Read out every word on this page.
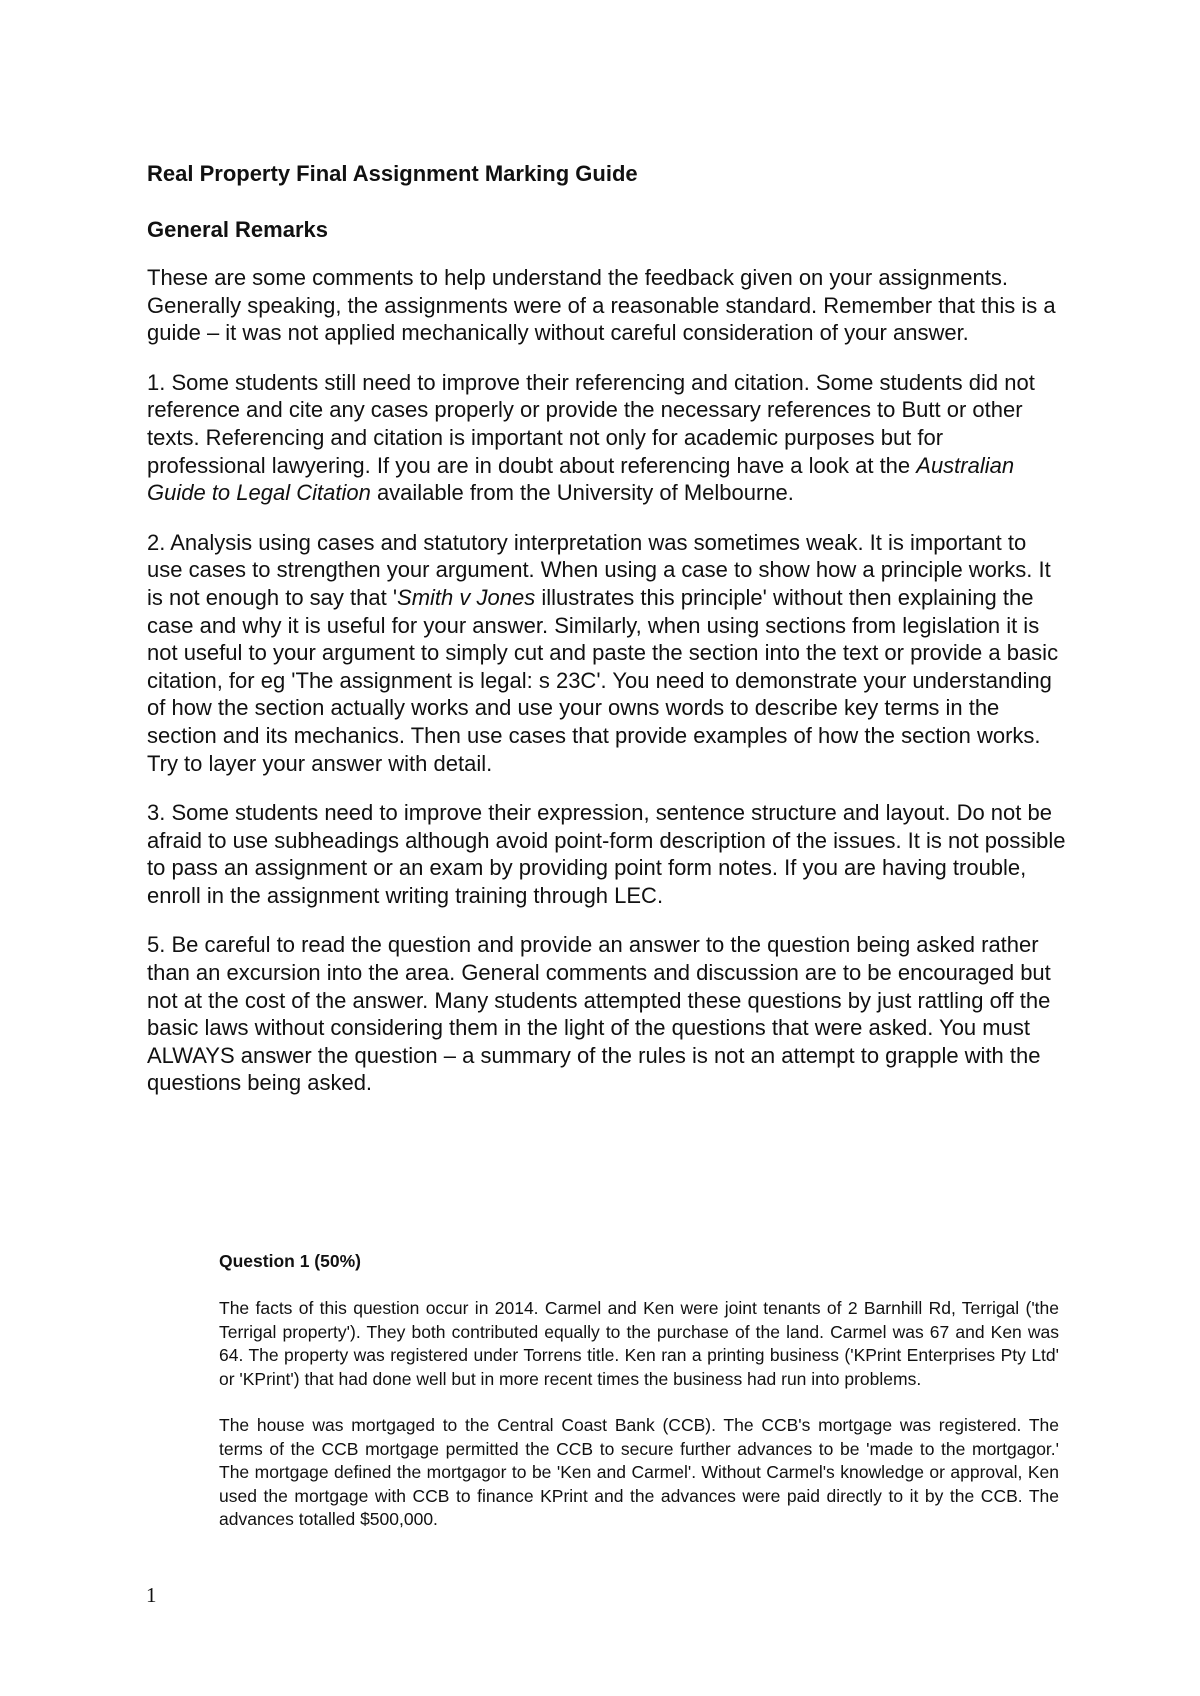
Real Property Final Assignment Marking Guide
General Remarks

These are some comments to help understand the feedback given on your assignments. Generally speaking, the assignments were of a reasonable standard. Remember that this is a guide – it was not applied mechanically without careful consideration of your answer.

1. Some students still need to improve their referencing and citation. Some students did not reference and cite any cases properly or provide the necessary references to Butt or other texts. Referencing and citation is important not only for academic purposes but for professional lawyering. If you are in doubt about referencing have a look at the Australian Guide to Legal Citation available from the University of Melbourne.

2. Analysis using cases and statutory interpretation was sometimes weak. It is important to use cases to strengthen your argument. When using a case to show how a principle works. It is not enough to say that 'Smith v Jones illustrates this principle' without then explaining the case and why it is useful for your answer. Similarly, when using sections from legislation it is not useful to your argument to simply cut and paste the section into the text or provide a basic citation, for eg 'The assignment is legal: s 23C'. You need to demonstrate your understanding of how the section actually works and use your owns words to describe key terms in the section and its mechanics. Then use cases that provide examples of how the section works. Try to layer your answer with detail.

3. Some students need to improve their expression, sentence structure and layout. Do not be afraid to use subheadings although avoid point-form description of the issues. It is not possible to pass an assignment or an exam by providing point form notes. If you are having trouble, enroll in the assignment writing training through LEC.

5. Be careful to read the question and provide an answer to the question being asked rather than an excursion into the area. General comments and discussion are to be encouraged but not at the cost of the answer. Many students attempted these questions by just rattling off the basic laws without considering them in the light of the questions that were asked. You must ALWAYS answer the question – a summary of the rules is not an attempt to grapple with the questions being asked.

Question 1 (50%)

The facts of this question occur in 2014. Carmel and Ken were joint tenants of 2 Barnhill Rd, Terrigal ('the Terrigal property'). They both contributed equally to the purchase of the land. Carmel was 67 and Ken was 64. The property was registered under Torrens title. Ken ran a printing business ('KPrint Enterprises Pty Ltd' or 'KPrint') that had done well but in more recent times the business had run into problems.

The house was mortgaged to the Central Coast Bank (CCB). The CCB's mortgage was registered. The terms of the CCB mortgage permitted the CCB to secure further advances to be 'made to the mortgagor.' The mortgage defined the mortgagor to be 'Ken and Carmel'. Without Carmel's knowledge or approval, Ken used the mortgage with CCB to finance KPrint and the advances were paid directly to it by the CCB. The advances totalled $500,000.

1
